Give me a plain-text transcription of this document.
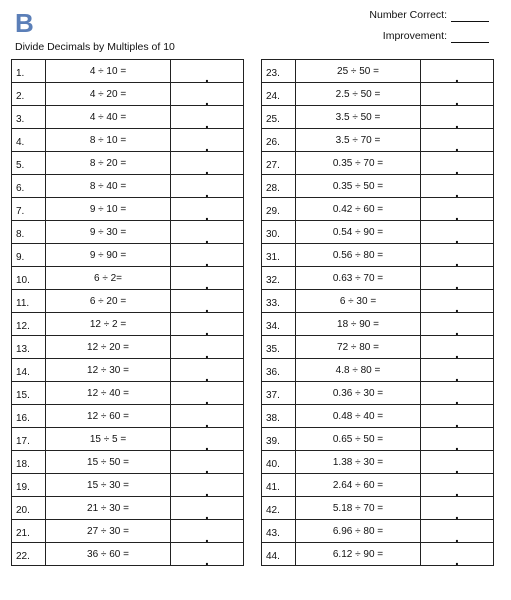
B
Divide Decimals by Multiples of 10
Number Correct:
Improvement:
1.	4 ÷ 10 =	.
2.	4 ÷ 20 =	.
3.	4 ÷ 40 =	.
4.	8 ÷ 10 =	.
5.	8 ÷ 20 =	.
6.	8 ÷ 40 =	.
7.	9 ÷ 10 =	.
8.	9 ÷ 30 =	.
9.	9 ÷ 90 =	.
10.	6 ÷ 2=	.
11.	6 ÷ 20 =	.
12.	12 ÷ 2 =	.
13.	12 ÷ 20 =	.
14.	12 ÷ 30 =	.
15.	12 ÷ 40 =	.
16.	12 ÷ 60 =	.
17.	15 ÷ 5 =	.
18.	15 ÷ 50 =	.
19.	15 ÷ 30 =	.
20.	21 ÷ 30 =	.
21.	27 ÷ 30 =	.
22.	36 ÷ 60 =	.
23.	25 ÷ 50 =	.
24.	2.5 ÷ 50 =	.
25.	3.5 ÷ 50 =	.
26.	3.5 ÷ 70 =	.
27.	0.35 ÷ 70 =	.
28.	0.35 ÷ 50 =	.
29.	0.42 ÷ 60 =	.
30.	0.54 ÷ 90 =	.
31.	0.56 ÷ 80 =	.
32.	0.63 ÷ 70 =	.
33.	6 ÷ 30 =	.
34.	18 ÷ 90 =	.
35.	72 ÷ 80 =	.
36.	4.8 ÷ 80 =	.
37.	0.36 ÷ 30 =	.
38.	0.48 ÷ 40 =	.
39.	0.65 ÷ 50 =	.
40.	1.38 ÷ 30 =	.
41.	2.64 ÷ 60 =	.
42.	5.18 ÷ 70 =	.
43.	6.96 ÷ 80 =	.
44.	6.12 ÷ 90 =	.
